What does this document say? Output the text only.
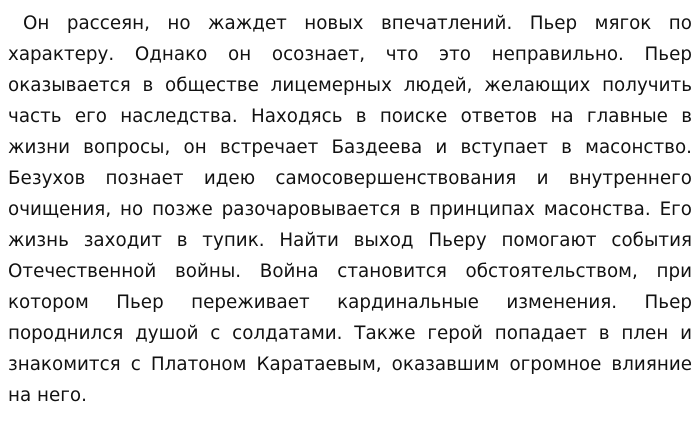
Он рассеян, но жаждет новых впечатлений. Пьер мягок по характеру. Однако он осознает, что это неправильно. Пьер оказывается в обществе лицемерных людей, желающих получить часть его наследства. Находясь в поиске ответов на главные в жизни вопросы, он встречает Баздеева и вступает в масонство. Безухов познает идею самосовершенствования и внутреннего очищения, но позже разочаровывается в принципах масонства. Его жизнь заходит в тупик. Найти выход Пьеру помогают события Отечественной войны. Война становится обстоятельством, при котором Пьер переживает кардинальные изменения. Пьер породнился душой с солдатами. Также герой попадает в плен и знакомится с Платоном Каратаевым, оказавшим огромное влияние на него.
